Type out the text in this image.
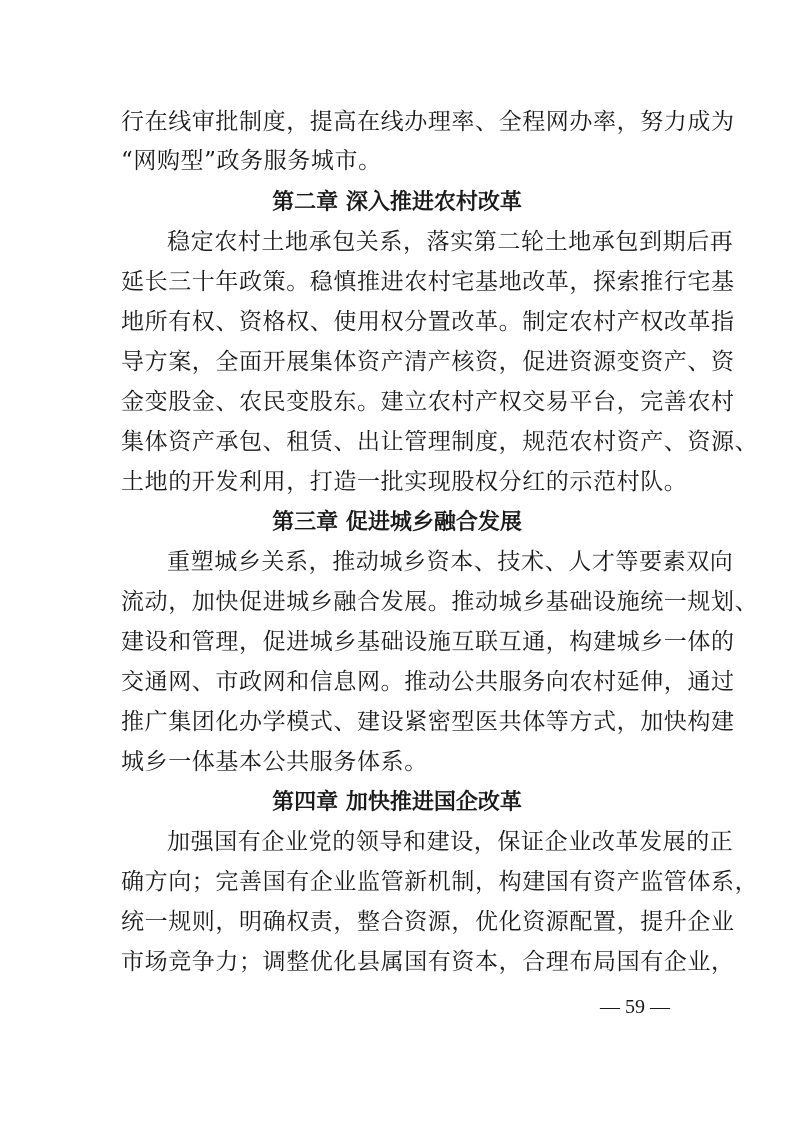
行在线审批制度，提高在线办理率、全程网办率，努力成为
“网购型”政务服务城市。
第二章 深入推进农村改革
稳定农村土地承包关系，落实第二轮土地承包到期后再
延长三十年政策。稳慎推进农村宅基地改革，探索推行宅基
地所有权、资格权、使用权分置改革。制定农村产权改革指
导方案，全面开展集体资产清产核资，促进资源变资产、资
金变股金、农民变股东。建立农村产权交易平台，完善农村
集体资产承包、租赁、出让管理制度，规范农村资产、资源、
土地的开发利用，打造一批实现股权分红的示范村队。
第三章 促进城乡融合发展
重塑城乡关系，推动城乡资本、技术、人才等要素双向
流动，加快促进城乡融合发展。推动城乡基础设施统一规划、
建设和管理，促进城乡基础设施互联互通，构建城乡一体的
交通网、市政网和信息网。推动公共服务向农村延伸，通过
推广集团化办学模式、建设紧密型医共体等方式，加快构建
城乡一体基本公共服务体系。
第四章 加快推进国企改革
加强国有企业党的领导和建设，保证企业改革发展的正
确方向；完善国有企业监管新机制，构建国有资产监管体系，
统一规则，明确权责，整合资源，优化资源配置，提升企业
市场竞争力；调整优化县属国有资本，合理布局国有企业，
— 59 —
